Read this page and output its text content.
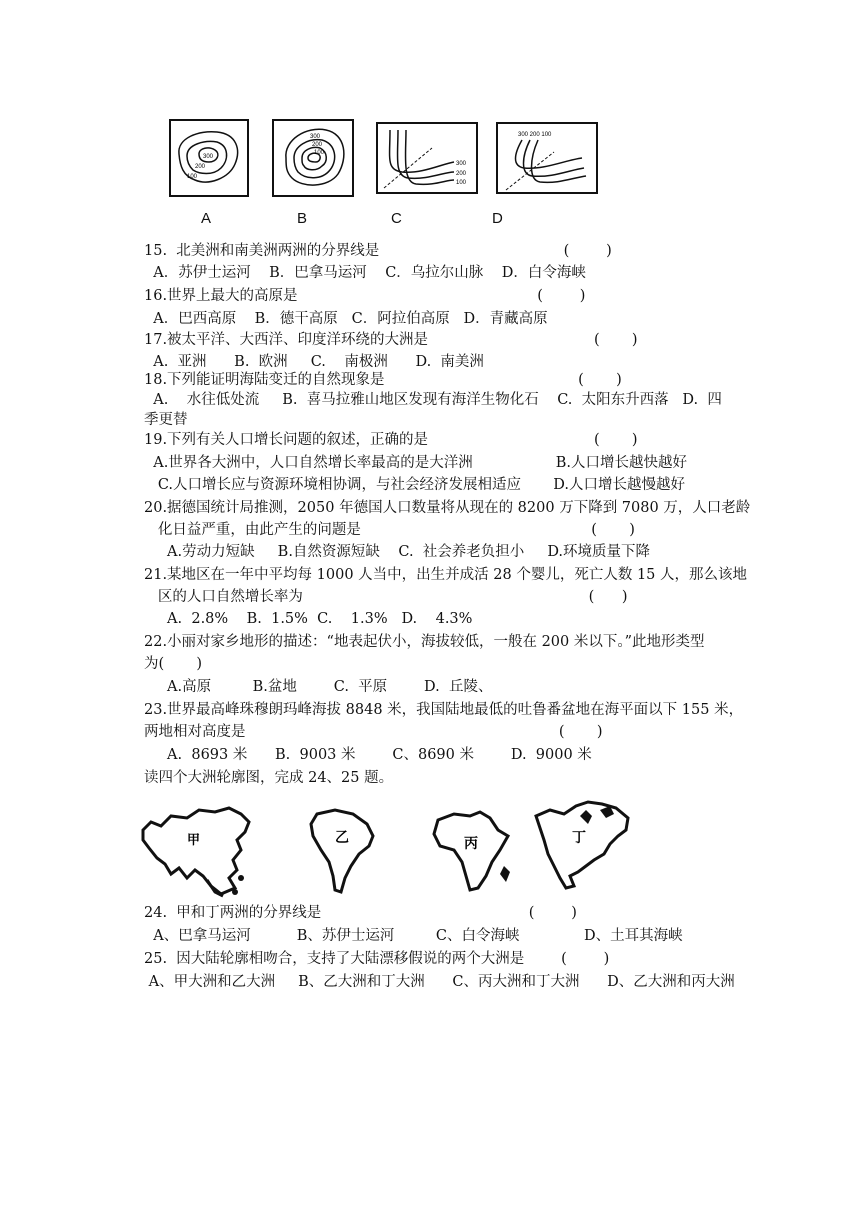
300
200
100
A
300
200
100
B
300
200
100
C
300 200 100
D
15.  北美洲和南美洲两洲的分界线是                                        (        )
A．苏伊士运河    B．巴拿马运河    C．乌拉尔山脉    D．白令海峡
16.世界上最大的高原是                                                    (        )
A．巴西高原    B．德干高原   C．阿拉伯高原   D．青藏高原
17.被太平洋、大西洋、印度洋环绕的大洲是                                    (       )
A.  亚洲      B.  欧洲     C.    南极洲      D.  南美洲
18.下列能证明海陆变迁的自然现象是                                          (       )
A.    水往低处流     B.  喜马拉雅山地区发现有海洋生物化石    C.  太阳东升西落   D.  四
季更替
19.下列有关人口增长问题的叙述，正确的是                                    (       )
A.世界各大洲中，人口自然增长率最高的是大洋洲                  B.人口增长越快越好
C.人口增长应与资源环境相协调，与社会经济发展相适应       D.人口增长越慢越好
20.据德国统计局推测，2050 年德国人口数量将从现在的 8200 万下降到 7080 万，人口老龄
化日益严重，由此产生的问题是                                                  (       )
A.劳动力短缺     B.自然资源短缺    C.  社会养老负担小     D.环境质量下降
21.某地区在一年中平均每 1000 人当中，出生并成活 28 个婴儿，死亡人数 15 人，那么该地
区的人口自然增长率为                                                              (      )
A.  2.8%    B.  1.5%  C.    1.3%   D.    4.3%
22.小丽对家乡地形的描述：“地表起伏小，海拔较低，一般在 200 米以下。”此地形类型
为(       )
A.高原         B.盆地        C.  平原        D.  丘陵、
23.世界最高峰珠穆朗玛峰海拔 8848 米，我国陆地最低的吐鲁番盆地在海平面以下 155 米，
两地相对高度是                                                                    (       )
A.  8693 米      B.  9003 米        C、8690 米        D.  9000 米
读四个大洲轮廓图，完成 24、25 题。
甲	乙	丙	丁
24.  甲和丁两洲的分界线是                                             (        )
A、巴拿马运河          B、苏伊士运河         C、白令海峡              D、土耳其海峡
25.  因大陆轮廓相吻合，支持了大陆漂移假说的两个大洲是        (        )
A、甲大洲和乙大洲     B、乙大洲和丁大洲      C、丙大洲和丁大洲      D、乙大洲和丙大洲
